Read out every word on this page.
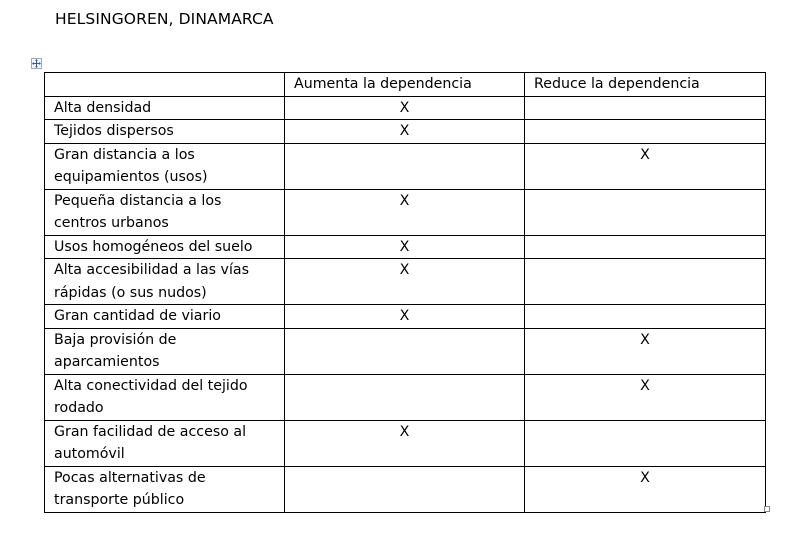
HELSINGOREN, DINAMARCA
	Aumenta la dependencia	Reduce la dependencia
Alta densidad	X	
Tejidos dispersos	X	
Gran distancia a los equipamientos (usos)		X
Pequeña distancia a los centros urbanos	X	
Usos homogéneos del suelo	X	
Alta accesibilidad a las vías rápidas (o sus nudos)	X	
Gran cantidad de viario	X	
Baja provisión de aparcamientos		X
Alta conectividad del tejido rodado		X
Gran facilidad de acceso al automóvil	X	
Pocas alternativas de transporte público		X
